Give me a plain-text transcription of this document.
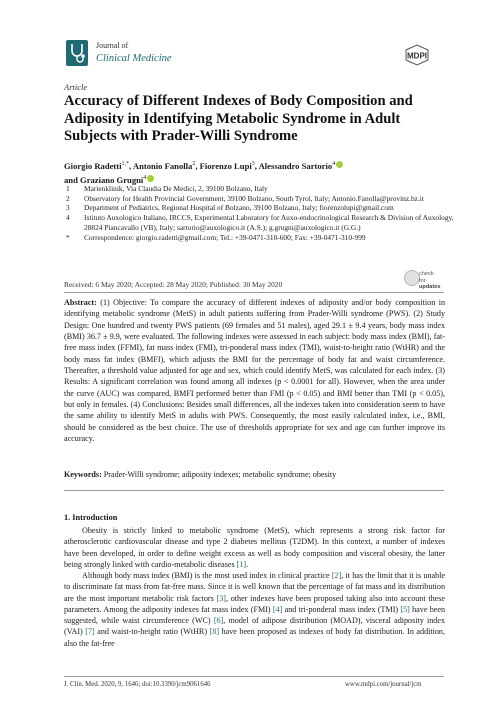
Journal of
Clinical Medicine	MDPI
Article
Accuracy of Different Indexes of Body Composition and Adiposity in Identifying Metabolic Syndrome in Adult Subjects with Prader-Willi Syndrome
Giorgio Radetti$^{1,*}$, Antonio Fanolla$^2$, Fiorenzo Lupi$^3$, Alessandro Sartorio$^4$
and Graziano Grugni$^4$
1	Marienklinik, Via Claudia De Medici, 2, 39100 Bolzano, Italy
2	Observatory for Health Provincial Government, 39100 Bolzano, South Tyrol, Italy; Antonio.Fanolla@provinz.bz.it
3	Department of Pediatrics, Regional Hospital of Bolzano, 39100 Bolzano, Italy; fiorenzolupi@gmail.com
4	Istituto Auxologico Italiano, IRCCS, Experimental Laboratory for Auxo-endocrinological Research & Division of Auxology, 28824 Piancavallo (VB), Italy; sartorio@auxologico.it (A.S.); g.grugni@auxologico.it (G.G.)
*	Correspondence: giorgio.radetti@gmail.com; Tel.: +39-0471-310-600; Fax: +39-0471-310-999
Received: 6 May 2020; Accepted: 28 May 2020; Published: 30 May 2020
check for
updates
Abstract: (1) Objective: To compare the accuracy of different indexes of adiposity and/or body composition in identifying metabolic syndrome (MetS) in adult patients suffering from Prader-Willi syndrome (PWS). (2) Study Design: One hundred and twenty PWS patients (69 females and 51 males), aged 29.1 ± 9.4 years, body mass index (BMI) 36.7 ± 9.9, were evaluated. The following indexes were assessed in each subject: body mass index (BMI), fat-free mass index (FFMI), fat mass index (FMI), tri-ponderal mass index (TMI), waist-to-height ratio (WtHR) and the body mass fat index (BMFI), which adjusts the BMI for the percentage of body fat and waist circumference. Thereafter, a threshold value adjusted for age and sex, which could identify MetS, was calculated for each index. (3) Results: A significant correlation was found among all indexes (p < 0.0001 for all). However, when the area under the curve (AUC) was compared, BMFI performed better than FMI (p < 0.05) and BMI better than TMI (p < 0.05), but only in females. (4) Conclusions: Besides small differences, all the indexes taken into consideration seem to have the same ability to identify MetS in adults with PWS. Consequently, the most easily calculated index, i.e., BMI, should be considered as the best choice. The use of thresholds appropriate for sex and age can further improve its accuracy.
Keywords: Prader-Willi syndrome; adiposity indexes; metabolic syndrome; obesity
1. Introduction

Obesity is strictly linked to metabolic syndrome (MetS), which represents a strong risk factor for atherosclerotic cardiovascular disease and type 2 diabetes mellitus (T2DM). In this context, a number of indexes have been developed, in order to define weight excess as well as body composition and visceral obesity, the latter being strongly linked with cardio-metabolic diseases [1].

Although body mass index (BMI) is the most used index in clinical practice [2], it has the limit that it is unable to discriminate fat mass from fat-free mass. Since it is well known that the percentage of fat mass and its distribution are the most important metabolic risk factors [3], other indexes have been proposed taking also into account these parameters. Among the adiposity indexes fat mass index (FMI) [4] and tri-ponderal mass index (TMI) [5] have been suggested, while waist circumference (WC) [6], model of adipose distribution (MOAD), visceral adiposity index (VAI) [7] and waist-to-height ratio (WtHR) [8] have been proposed as indexes of body fat distribution. In addition, also the fat-free

J. Clin. Med. 2020, 9, 1646; doi:10.3390/jcm9061646	www.mdpi.com/journal/jcm
